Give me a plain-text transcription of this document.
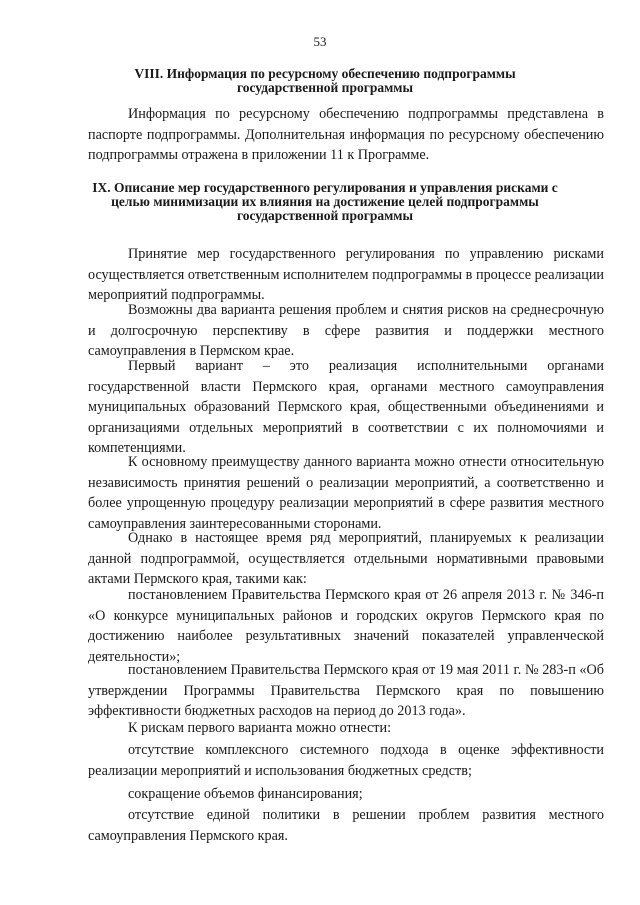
53
VIII. Информация по ресурсному обеспечению подпрограммы государственной программы

Информация по ресурсному обеспечению подпрограммы представлена в паспорте подпрограммы. Дополнительная информация по ресурсному обеспечению подпрограммы отражена в приложении 11 к Программе.

IX. Описание мер государственного регулирования и управления рисками с целью минимизации их влияния на достижение целей подпрограммы государственной программы

Принятие мер государственного регулирования по управлению рисками осуществляется ответственным исполнителем подпрограммы в процессе реализации мероприятий подпрограммы.

Возможны два варианта решения проблем и снятия рисков на среднесрочную и долгосрочную перспективу в сфере развития и поддержки местного самоуправления в Пермском крае.

Первый вариант – это реализация исполнительными органами государственной власти Пермского края, органами местного самоуправления муниципальных образований Пермского края, общественными объединениями и организациями отдельных мероприятий в соответствии с их полномочиями и компетенциями.

К основному преимуществу данного варианта можно отнести относительную независимость принятия решений о реализации мероприятий, а соответственно и более упрощенную процедуру реализации мероприятий в сфере развития местного самоуправления заинтересованными сторонами.

Однако в настоящее время ряд мероприятий, планируемых к реализации данной подпрограммой, осуществляется отдельными нормативными правовыми актами Пермского края, такими как:

постановлением Правительства Пермского края от 26 апреля 2013 г. № 346-п «О конкурсе муниципальных районов и городских округов Пермского края по достижению наиболее результативных значений показателей управленческой деятельности»;

постановлением Правительства Пермского края от 19 мая 2011 г. № 283-п «Об утверждении Программы Правительства Пермского края по повышению эффективности бюджетных расходов на период до 2013 года».

К рискам первого варианта можно отнести:

отсутствие комплексного системного подхода в оценке эффективности реализации мероприятий и использования бюджетных средств;

сокращение объемов финансирования;

отсутствие единой политики в решении проблем развития местного самоуправления Пермского края.
